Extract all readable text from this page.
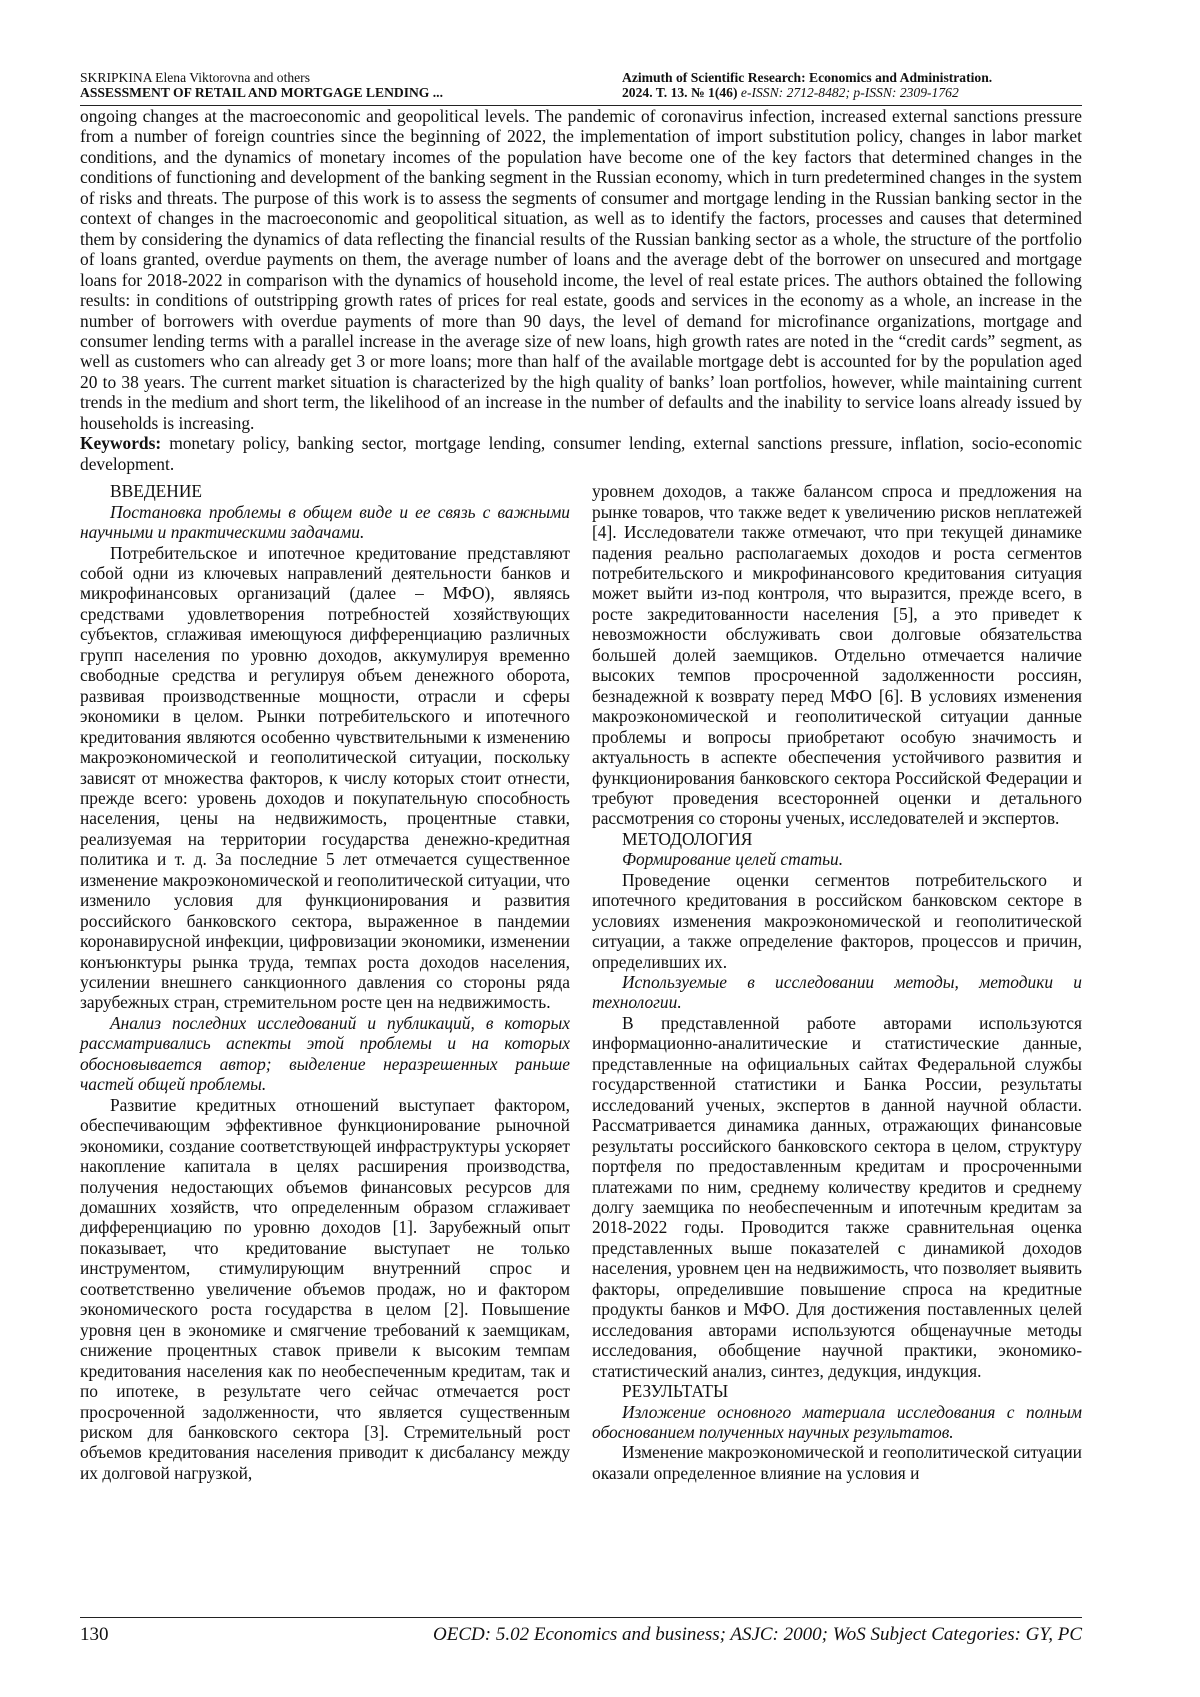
SKRIPKINA Elena Viktorovna and others
ASSESSMENT OF RETAIL AND MORTGAGE LENDING ...
Azimuth of Scientific Research: Economics and Administration.
2024. T. 13. № 1(46) e-ISSN: 2712-8482; p-ISSN: 2309-1762

ongoing changes at the macroeconomic and geopolitical levels. The pandemic of coronavirus infection, increased external sanctions pressure from a number of foreign countries since the beginning of 2022, the implementation of import substitution policy, changes in labor market conditions, and the dynamics of monetary incomes of the population have become one of the key factors that determined changes in the conditions of functioning and development of the banking segment in the Russian economy, which in turn predetermined changes in the system of risks and threats. The purpose of this work is to assess the segments of consumer and mortgage lending in the Russian banking sector in the context of changes in the macroeconomic and geopolitical situation, as well as to identify the factors, processes and causes that determined them by considering the dynamics of data reflecting the financial results of the Russian banking sector as a whole, the structure of the portfolio of loans granted, overdue payments on them, the average number of loans and the average debt of the borrower on unsecured and mortgage loans for 2018-2022 in comparison with the dynamics of household income, the level of real estate prices. The authors obtained the following results: in conditions of outstripping growth rates of prices for real estate, goods and services in the economy as a whole, an increase in the number of borrowers with overdue payments of more than 90 days, the level of demand for microfinance organizations, mortgage and consumer lending terms with a parallel increase in the average size of new loans, high growth rates are noted in the “credit cards” segment, as well as customers who can already get 3 or more loans; more than half of the available mortgage debt is accounted for by the population aged 20 to 38 years. The current market situation is characterized by the high quality of banks’ loan portfolios, however, while maintaining current trends in the medium and short term, the likelihood of an increase in the number of defaults and the inability to service loans already issued by households is increasing.

Keywords: monetary policy, banking sector, mortgage lending, consumer lending, external sanctions pressure, inflation, socio-economic development.

ВВЕДЕНИЕ

Постановка проблемы в общем виде и ее связь с важными научными и практическими задачами.

Потребительское и ипотечное кредитование представляют собой одни из ключевых направлений деятельности банков и микрофинансовых организаций (далее – МФО), являясь средствами удовлетворения потребностей хозяйствующих субъектов, сглаживая имеющуюся дифференциацию различных групп населения по уровню доходов, аккумулируя временно свободные средства и регулируя объем денежного оборота, развивая производственные мощности, отрасли и сферы экономики в целом. Рынки потребительского и ипотечного кредитования являются особенно чувствительными к изменению макроэкономической и геополитической ситуации, поскольку зависят от множества факторов, к числу которых стоит отнести, прежде всего: уровень доходов и покупательную способность населения, цены на недвижимость, процентные ставки, реализуемая на территории государства денежно-кредитная политика и т. д. За последние 5 лет отмечается существенное изменение макроэкономической и геополитической ситуации, что изменило условия для функционирования и развития российского банковского сектора, выраженное в пандемии коронавирусной инфекции, цифровизации экономики, изменении конъюнктуры рынка труда, темпах роста доходов населения, усилении внешнего санкционного давления со стороны ряда зарубежных стран, стремительном росте цен на недвижимость.

Анализ последних исследований и публикаций, в которых рассматривались аспекты этой проблемы и на которых обосновывается автор; выделение неразрешенных раньше частей общей проблемы.

Развитие кредитных отношений выступает фактором, обеспечивающим эффективное функционирование рыночной экономики, создание соответствующей инфраструктуры ускоряет накопление капитала в целях расширения производства, получения недостающих объемов финансовых ресурсов для домашних хозяйств, что определенным образом сглаживает дифференциацию по уровню доходов [1]. Зарубежный опыт показывает, что кредитование выступает не только инструментом, стимулирующим внутренний спрос и соответственно увеличение объемов продаж, но и фактором экономического роста государства в целом [2]. Повышение уровня цен в экономике и смягчение требований к заемщикам, снижение процентных ставок привели к высоким темпам кредитования населения как по необеспеченным кредитам, так и по ипотеке, в результате чего сейчас отмечается рост просроченной задолженности, что является существенным риском для банковского сектора [3]. Стремительный рост объемов кредитования населения приводит к дисбалансу между их долговой нагрузкой,

уровнем доходов, а также балансом спроса и предложения на рынке товаров, что также ведет к увеличению рисков неплатежей [4]. Исследователи также отмечают, что при текущей динамике падения реально располагаемых доходов и роста сегментов потребительского и микрофинансового кредитования ситуация может выйти из-под контроля, что выразится, прежде всего, в росте закредитованности населения [5], а это приведет к невозможности обслуживать свои долговые обязательства большей долей заемщиков. Отдельно отмечается наличие высоких темпов просроченной задолженности россиян, безнадежной к возврату перед МФО [6]. В условиях изменения макроэкономической и геополитической ситуации данные проблемы и вопросы приобретают особую значимость и актуальность в аспекте обеспечения устойчивого развития и функционирования банковского сектора Российской Федерации и требуют проведения всесторонней оценки и детального рассмотрения со стороны ученых, исследователей и экспертов.

МЕТОДОЛОГИЯ

Формирование целей статьи.

Проведение оценки сегментов потребительского и ипотечного кредитования в российском банковском секторе в условиях изменения макроэкономической и геополитической ситуации, а также определение факторов, процессов и причин, определивших их.

Используемые в исследовании методы, методики и технологии.

В представленной работе авторами используются информационно-аналитические и статистические данные, представленные на официальных сайтах Федеральной службы государственной статистики и Банка России, результаты исследований ученых, экспертов в данной научной области. Рассматривается динамика данных, отражающих финансовые результаты российского банковского сектора в целом, структуру портфеля по предоставленным кредитам и просроченными платежами по ним, среднему количеству кредитов и среднему долгу заемщика по необеспеченным и ипотечным кредитам за 2018-2022 годы. Проводится также сравнительная оценка представленных выше показателей с динамикой доходов населения, уровнем цен на недвижимость, что позволяет выявить факторы, определившие повышение спроса на кредитные продукты банков и МФО. Для достижения поставленных целей исследования авторами используются общенаучные методы исследования, обобщение научной практики, экономико-статистический анализ, синтез, дедукция, индукция.

РЕЗУЛЬТАТЫ

Изложение основного материала исследования с полным обоснованием полученных научных результатов.

Изменение макроэкономической и геополитической ситуации оказали определенное влияние на условия и

130	OECD: 5.02 Economics and business; ASJC: 2000; WoS Subject Categories: GY, PC
